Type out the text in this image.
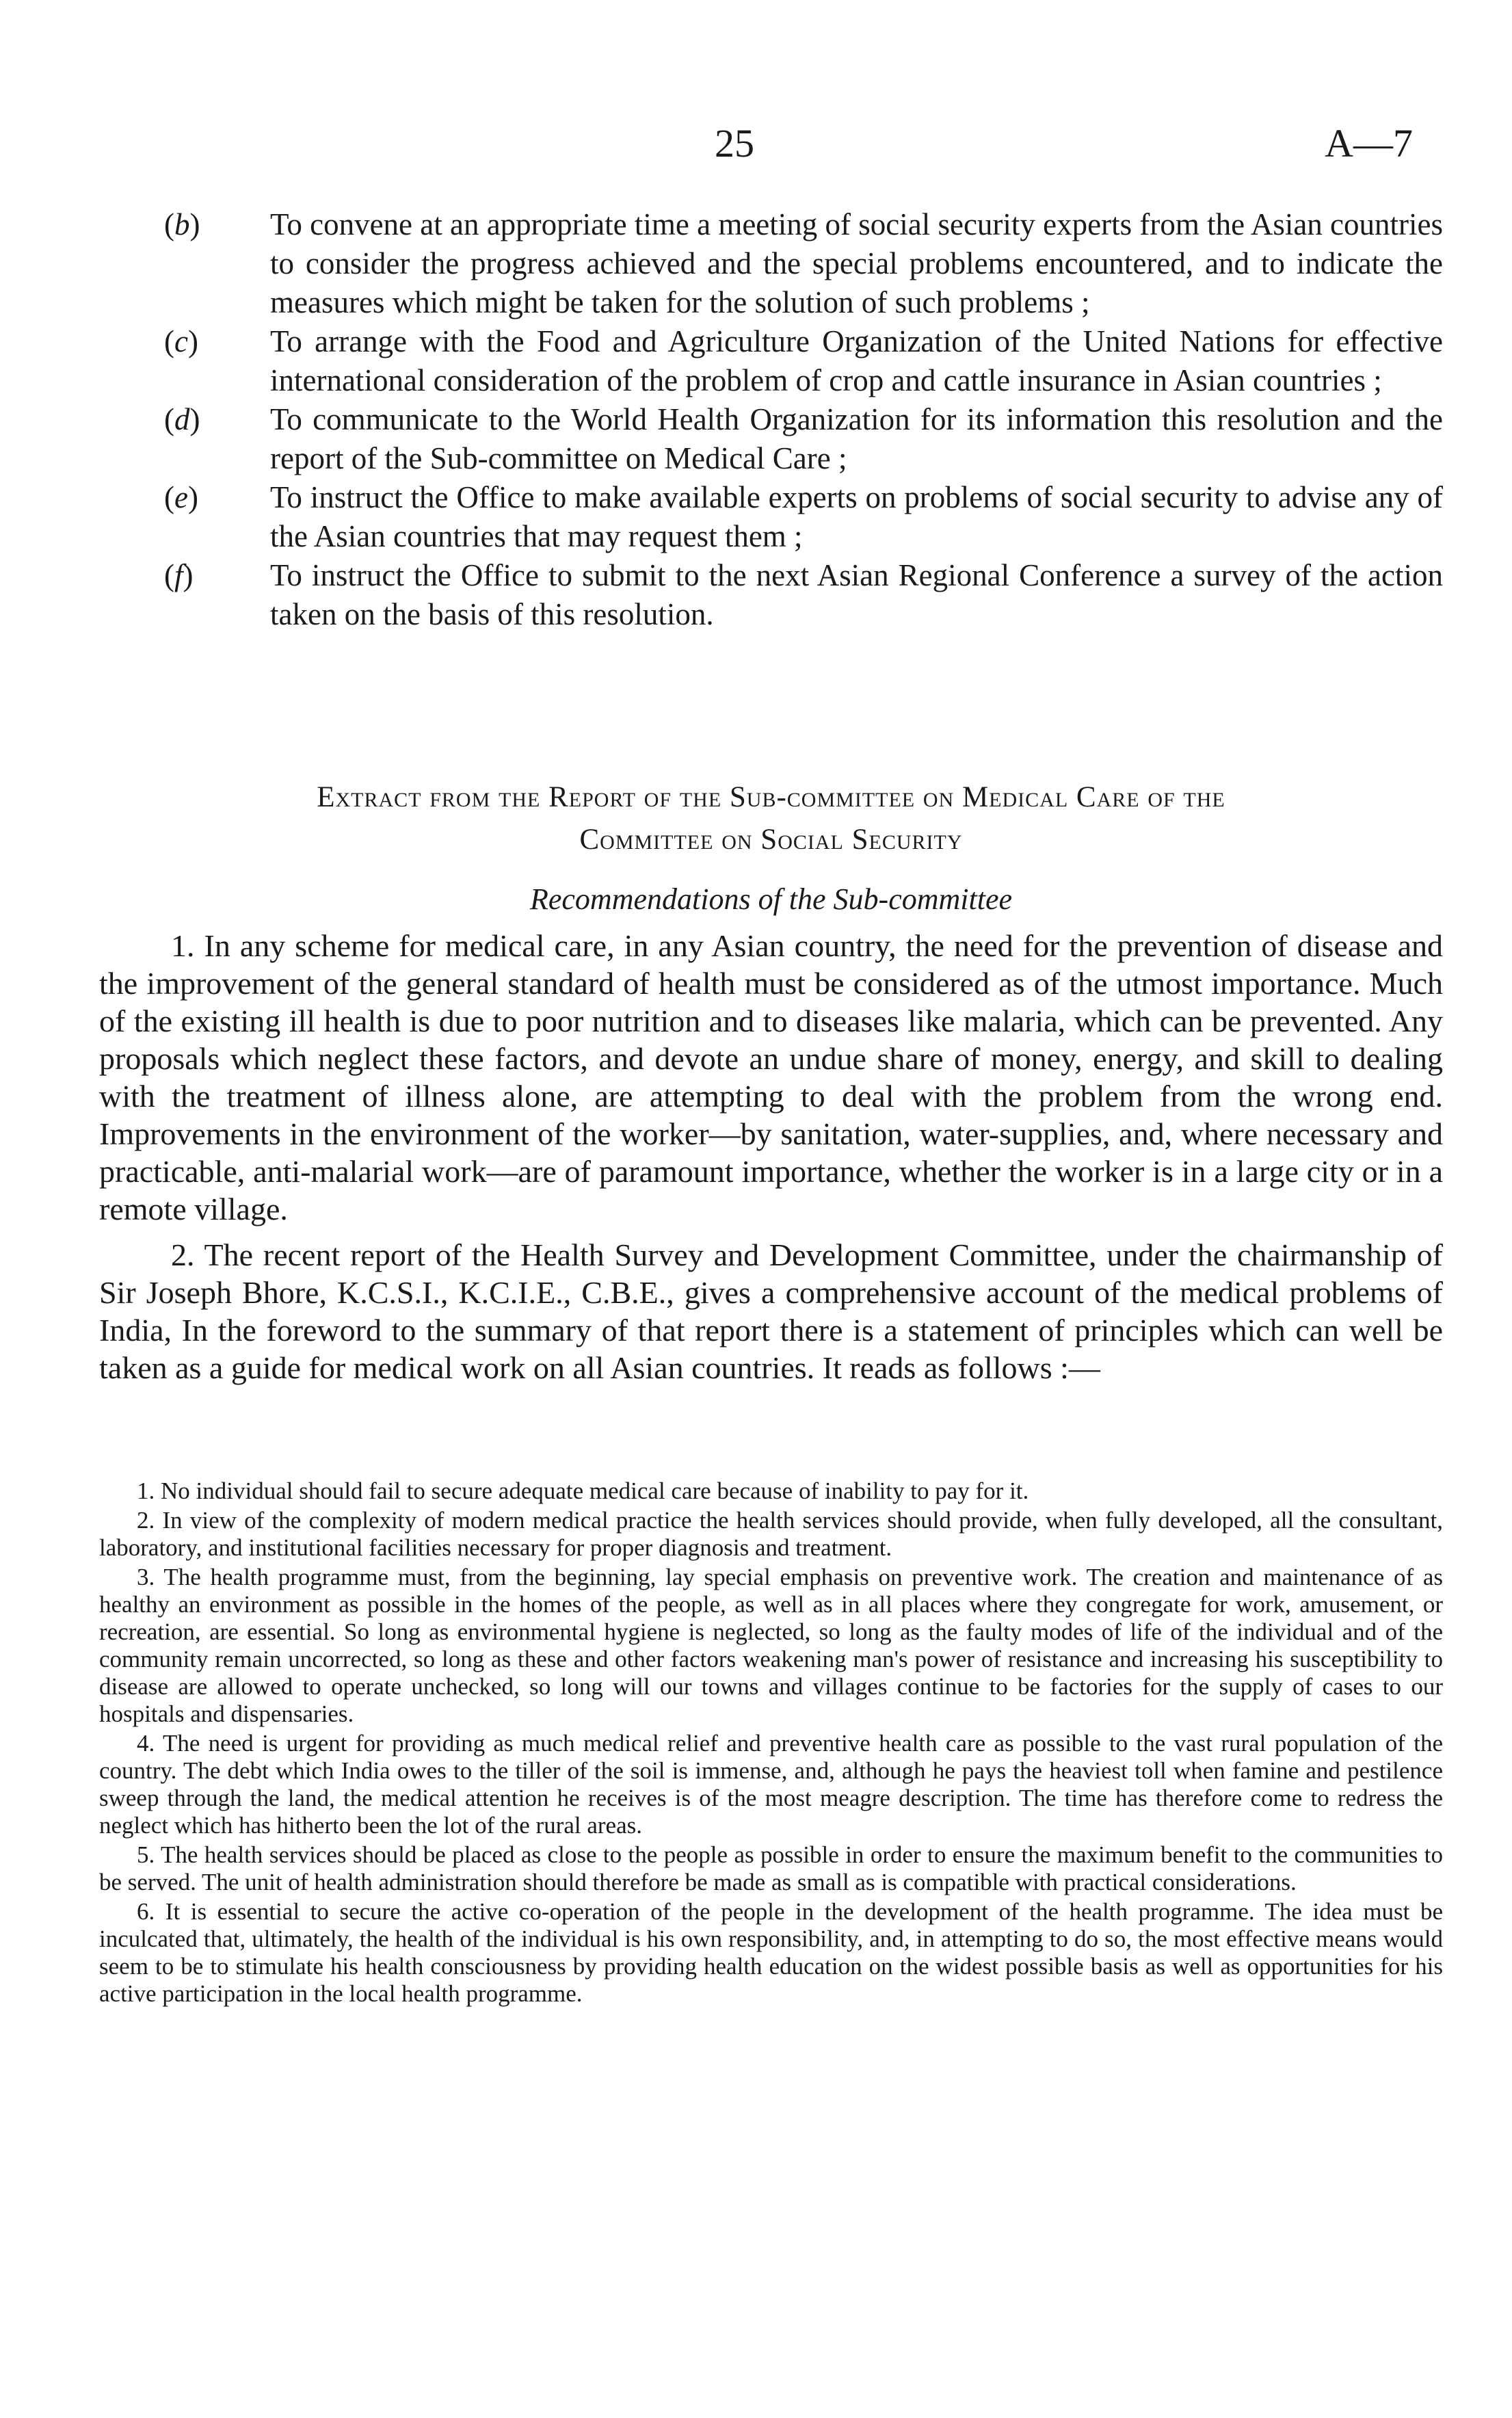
25	A—7
(b) To convene at an appropriate time a meeting of social security experts from the Asian countries to consider the progress achieved and the special problems encountered, and to indicate the measures which might be taken for the solution of such problems ;
(c) To arrange with the Food and Agriculture Organization of the United Nations for effective international consideration of the problem of crop and cattle insurance in Asian countries ;
(d) To communicate to the World Health Organization for its information this resolution and the report of the Sub-committee on Medical Care ;
(e) To instruct the Office to make available experts on problems of social security to advise any of the Asian countries that may request them ;
(f) To instruct the Office to submit to the next Asian Regional Conference a survey of the action taken on the basis of this resolution.
Extract from the Report of the Sub-committee on Medical Care of the
Committee on Social Security
Recommendations of the Sub-committee

1. In any scheme for medical care, in any Asian country, the need for the prevention of disease and the improvement of the general standard of health must be considered as of the utmost importance. Much of the existing ill health is due to poor nutrition and to diseases like malaria, which can be prevented. Any proposals which neglect these factors, and devote an undue share of money, energy, and skill to dealing with the treatment of illness alone, are attempting to deal with the problem from the wrong end. Improvements in the environment of the worker—by sanitation, water-supplies, and, where necessary and practicable, anti-malarial work—are of paramount importance, whether the worker is in a large city or in a remote village.

2. The recent report of the Health Survey and Development Committee, under the chairmanship of Sir Joseph Bhore, K.C.S.I., K.C.I.E., C.B.E., gives a comprehensive account of the medical problems of India, In the foreword to the summary of that report there is a statement of principles which can well be taken as a guide for medical work on all Asian countries. It reads as follows :—

1. No individual should fail to secure adequate medical care because of inability to pay for it.

2. In view of the complexity of modern medical practice the health services should provide, when fully developed, all the consultant, laboratory, and institutional facilities necessary for proper diagnosis and treatment.

3. The health programme must, from the beginning, lay special emphasis on preventive work. The creation and maintenance of as healthy an environment as possible in the homes of the people, as well as in all places where they congregate for work, amusement, or recreation, are essential. So long as environmental hygiene is neglected, so long as the faulty modes of life of the individual and of the community remain uncorrected, so long as these and other factors weakening man's power of resistance and increasing his susceptibility to disease are allowed to operate unchecked, so long will our towns and villages continue to be factories for the supply of cases to our hospitals and dispensaries.

4. The need is urgent for providing as much medical relief and preventive health care as possible to the vast rural population of the country. The debt which India owes to the tiller of the soil is immense, and, although he pays the heaviest toll when famine and pestilence sweep through the land, the medical attention he receives is of the most meagre description. The time has therefore come to redress the neglect which has hitherto been the lot of the rural areas.

5. The health services should be placed as close to the people as possible in order to ensure the maximum benefit to the communities to be served. The unit of health administration should therefore be made as small as is compatible with practical considerations.

6. It is essential to secure the active co-operation of the people in the development of the health programme. The idea must be inculcated that, ultimately, the health of the individual is his own responsibility, and, in attempting to do so, the most effective means would seem to be to stimulate his health consciousness by providing health education on the widest possible basis as well as opportunities for his active participation in the local health programme.
